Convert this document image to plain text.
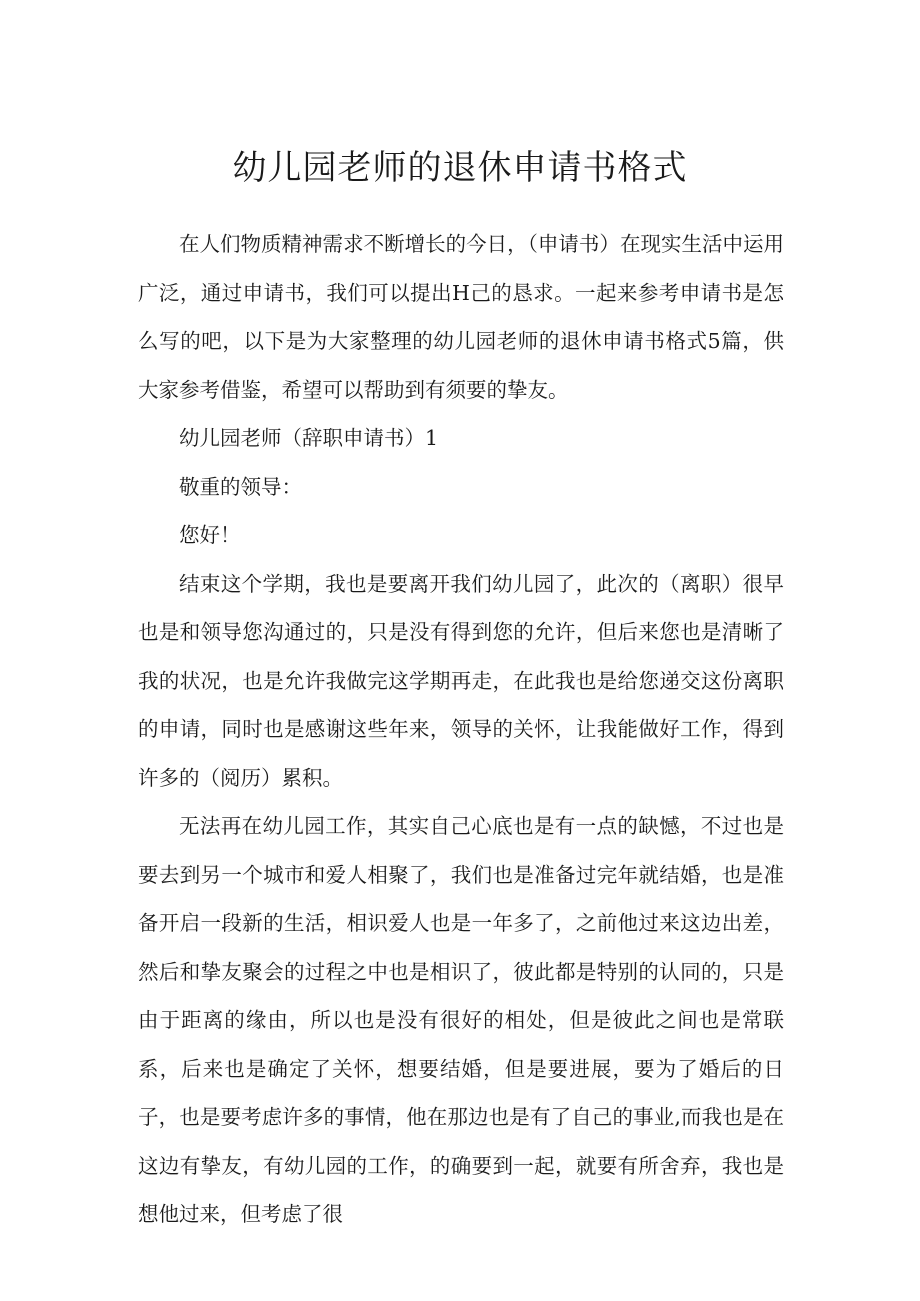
幼儿园老师的退休申请书格式

在人们物质精神需求不断增长的今日，（申请书）在现实生活中运用广泛，通过申请书，我们可以提出H己的恳求。一起来参考申请书是怎么写的吧，以下是为大家整理的幼儿园老师的退休申请书格式5篇，供大家参考借鉴，希望可以帮助到有须要的挚友。

幼儿园老师（辞职申请书）1

敬重的领导：

您好！

结束这个学期，我也是要离开我们幼儿园了，此次的（离职）很早也是和领导您沟通过的，只是没有得到您的允许，但后来您也是清晰了我的状况，也是允许我做完这学期再走，在此我也是给您递交这份离职的申请，同时也是感谢这些年来，领导的关怀，让我能做好工作，得到许多的（阅历）累积。

无法再在幼儿园工作，其实自己心底也是有一点的缺憾，不过也是要去到另一个城市和爱人相聚了，我们也是准备过完年就结婚，也是准备开启一段新的生活，相识爱人也是一年多了，之前他过来这边出差，然后和挚友聚会的过程之中也是相识了，彼此都是特别的认同的，只是由于距离的缘由，所以也是没有很好的相处，但是彼此之间也是常联系，后来也是确定了关怀，想要结婚，但是要进展，要为了婚后的日子，也是要考虑许多的事情，他在那边也是有了自己的事业,而我也是在这边有挚友，有幼儿园的工作，的确要到一起，就要有所舍弃，我也是想他过来，但考虑了很
